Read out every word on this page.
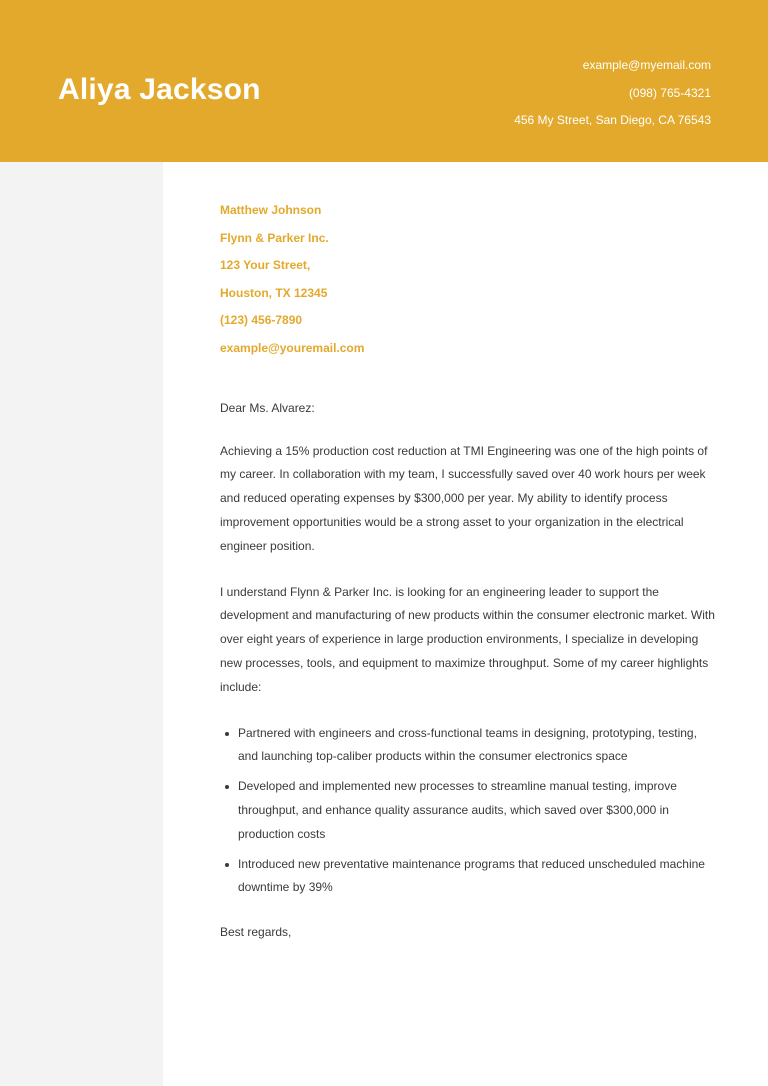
Aliya Jackson
example@myemail.com
(098) 765-4321
456 My Street, San Diego, CA 76543
Matthew Johnson
Flynn & Parker Inc.
123 Your Street,
Houston, TX 12345
(123) 456-7890
example@youremail.com

Dear Ms. Alvarez:

Achieving a 15% production cost reduction at TMI Engineering was one of the high points of my career. In collaboration with my team, I successfully saved over 40 work hours per week and reduced operating expenses by $300,000 per year. My ability to identify process improvement opportunities would be a strong asset to your organization in the electrical engineer position.

I understand Flynn & Parker Inc. is looking for an engineering leader to support the development and manufacturing of new products within the consumer electronic market. With over eight years of experience in large production environments, I specialize in developing new processes, tools, and equipment to maximize throughput. Some of my career highlights include:

Partnered with engineers and cross-functional teams in designing, prototyping, testing, and launching top-caliber products within the consumer electronics space
Developed and implemented new processes to streamline manual testing, improve throughput, and enhance quality assurance audits, which saved over $300,000 in production costs
Introduced new preventative maintenance programs that reduced unscheduled machine downtime by 39%

Best regards,
